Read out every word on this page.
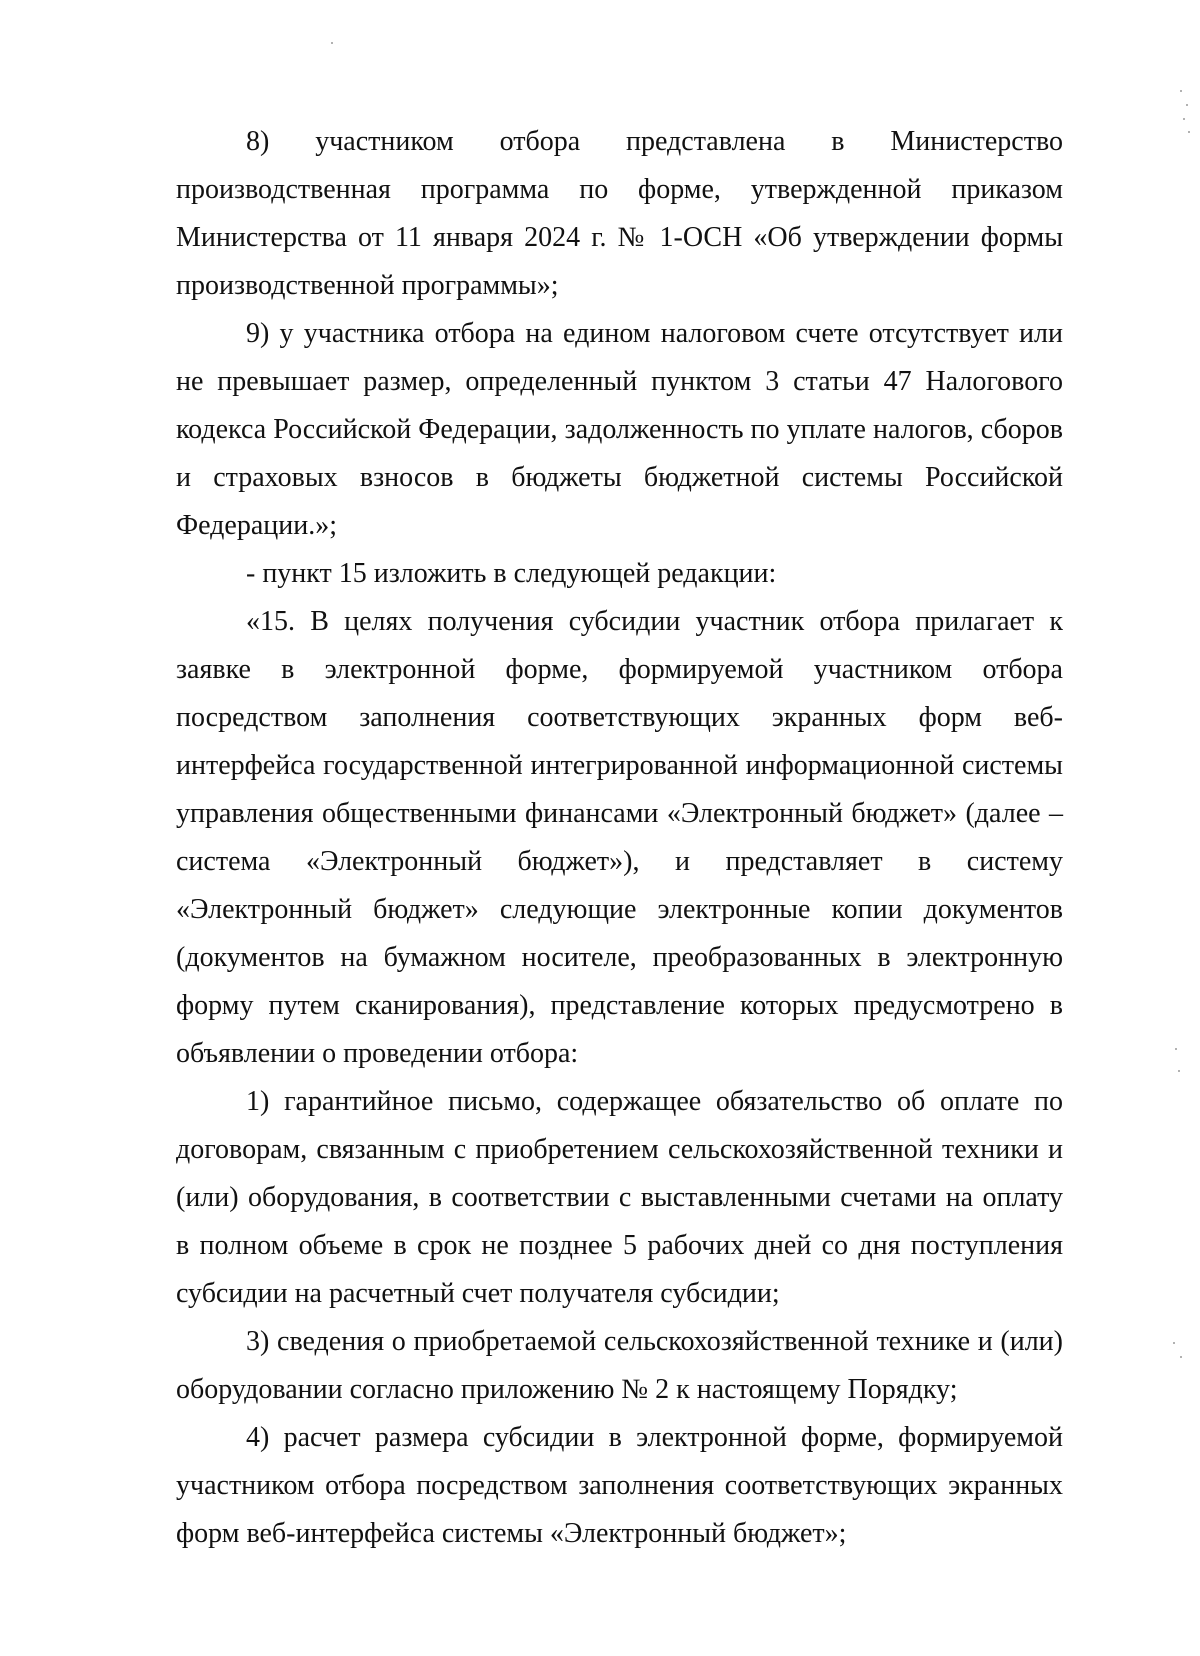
8) участником отбора представлена в Министерство производственная программа по форме, утвержденной приказом Министерства от 11 января 2024 г. № 1-ОСН «Об утверждении формы производственной программы»;

9) у участника отбора на едином налоговом счете отсутствует или не превышает размер, определенный пунктом 3 статьи 47 Налогового кодекса Российской Федерации, задолженность по уплате налогов, сборов и страховых взносов в бюджеты бюджетной системы Российской Федерации.»;

- пункт 15 изложить в следующей редакции:

«15. В целях получения субсидии участник отбора прилагает к заявке в электронной форме, формируемой участником отбора посредством заполнения соответствующих экранных форм веб-интерфейса государственной интегрированной информационной системы управления общественными финансами «Электронный бюджет» (далее – система «Электронный бюджет»), и представляет в систему «Электронный бюджет» следующие электронные копии документов (документов на бумажном носителе, преобразованных в электронную форму путем сканирования), представление которых предусмотрено в объявлении о проведении отбора:

1) гарантийное письмо, содержащее обязательство об оплате по договорам, связанным с приобретением сельскохозяйственной техники и (или) оборудования, в соответствии с выставленными счетами на оплату в полном объеме в срок не позднее 5 рабочих дней со дня поступления субсидии на расчетный счет получателя субсидии;

3) сведения о приобретаемой сельскохозяйственной технике и (или) оборудовании согласно приложению № 2 к настоящему Порядку;

4) расчет размера субсидии в электронной форме, формируемой участником отбора посредством заполнения соответствующих экранных форм веб-интерфейса системы «Электронный бюджет»;
